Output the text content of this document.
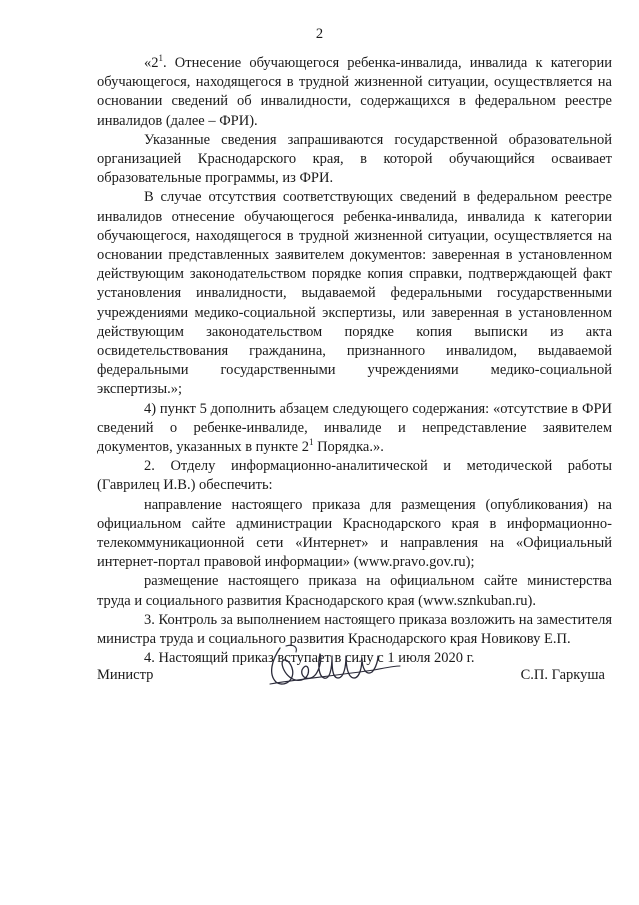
2

«$2^1$. Отнесение обучающегося ребенка-инвалида, инвалида к категории обучающегося, находящегося в трудной жизненной ситуации, осуществляется на основании сведений об инвалидности, содержащихся в федеральном реестре инвалидов (далее – ФРИ).

Указанные сведения запрашиваются государственной образовательной организацией Краснодарского края, в которой обучающийся осваивает образовательные программы, из ФРИ.

В случае отсутствия соответствующих сведений в федеральном реестре инвалидов отнесение обучающегося ребенка-инвалида, инвалида к категории обучающегося, находящегося в трудной жизненной ситуации, осуществляется на основании представленных заявителем документов: заверенная в установленном действующим законодательством порядке копия справки, подтверждающей факт установления инвалидности, выдаваемой федеральными государственными учреждениями медико-социальной экспертизы, или заверенная в установленном действующим законодательством порядке копия выписки из акта освидетельствования гражданина, признанного инвалидом, выдаваемой федеральными государственными учреждениями медико-социальной экспертизы.»;

4) пункт 5 дополнить абзацем следующего содержания: «отсутствие в ФРИ сведений о ребенке-инвалиде, инвалиде и непредставление заявителем документов, указанных в пункте $2^1$ Порядка.».

2. Отделу информационно-аналитической и методической работы (Гаврилец И.В.) обеспечить:

направление настоящего приказа для размещения (опубликования) на официальном сайте администрации Краснодарского края в информационно-телекоммуникационной сети «Интернет» и направления на «Официальный интернет-портал правовой информации» (www.pravo.gov.ru);

размещение настоящего приказа на официальном сайте министерства труда и социального развития Краснодарского края (www.sznkuban.ru).

3. Контроль за выполнением настоящего приказа возложить на заместителя министра труда и социального развития Краснодарского края Новикову Е.П.

4. Настоящий приказ вступает в силу с 1 июля 2020 г.

Министр	С.П. Гаркуша
